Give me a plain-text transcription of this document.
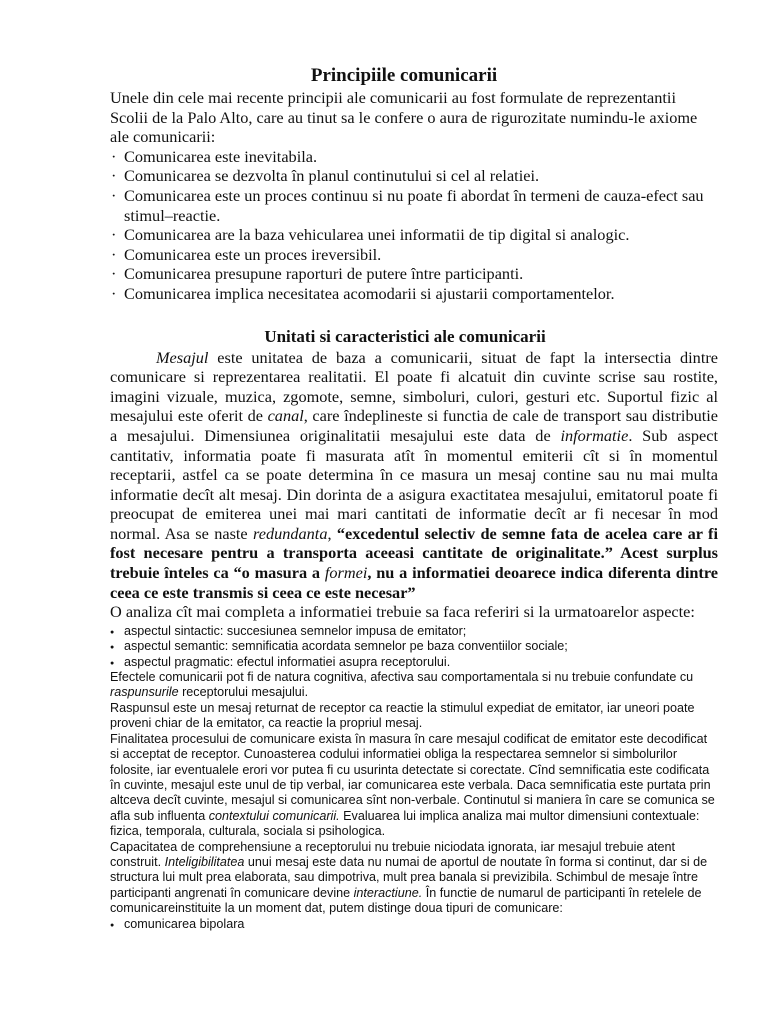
Principiile comunicarii

Unele din cele mai recente principii ale comunicarii au fost formulate de reprezentantii Scolii de la Palo Alto, care au tinut sa le confere o aura de rigurozitate numindu-le axiome ale comunicarii:

· Comunicarea este inevitabila.
· Comunicarea se dezvolta în planul continutului si cel al relatiei.
· Comunicarea este un proces continuu si nu poate fi abordat în termeni de cauza-efect sau stimul–reactie.
· Comunicarea are la baza vehicularea unei informatii de tip digital si analogic.
· Comunicarea este un proces ireversibil.
· Comunicarea presupune raporturi de putere între participanti.
· Comunicarea implica necesitatea acomodarii si ajustarii comportamentelor.
Unitati si caracteristici ale comunicarii

Mesajul este unitatea de baza a comunicarii, situat de fapt la intersectia dintre comunicare si reprezentarea realitatii. El poate fi alcatuit din cuvinte scrise sau rostite, imagini vizuale, muzica, zgomote, semne, simboluri, culori, gesturi etc. Suportul fizic al mesajului este oferit de canal, care îndeplineste si functia de cale de transport sau distributie a mesajului. Dimensiunea originalitatii mesajului este data de informatie. Sub aspect cantitativ, informatia poate fi masurata atît în momentul emiterii cît si în momentul receptarii, astfel ca se poate determina în ce masura un mesaj contine sau nu mai multa informatie decît alt mesaj. Din dorinta de a asigura exactitatea mesajului, emitatorul poate fi preocupat de emiterea unei mai mari cantitati de informatie decît ar fi necesar în mod normal. Asa se naste redundanta, “excedentul selectiv de semne fata de acelea care ar fi fost necesare pentru a transporta aceeasi cantitate de originalitate.” Acest surplus trebuie înteles ca “o masura a formei, nu a informatiei deoarece indica diferenta dintre ceea ce este transmis si ceea ce este necesar”

O analiza cît mai completa a informatiei trebuie sa faca referiri si la urmatoarelor aspecte:

● aspectul sintactic: succesiunea semnelor impusa de emitator;
● aspectul semantic: semnificatia acordata semnelor pe baza conventiilor sociale;
● aspectul pragmatic: efectul informatiei asupra receptorului.

Efectele comunicarii pot fi de natura cognitiva, afectiva sau comportamentala si nu trebuie confundate cu raspunsurile receptorului mesajului.

Raspunsul este un mesaj returnat de receptor ca reactie la stimulul expediat de emitator, iar uneori poate proveni chiar de la emitator, ca reactie la propriul mesaj.

Finalitatea procesului de comunicare exista în masura în care mesajul codificat de emitator este decodificat si acceptat de receptor. Cunoasterea codului informatiei obliga la respectarea semnelor si simbolurilor folosite, iar eventualele erori vor putea fi cu usurinta detectate si corectate. Cînd semnificatia este codificata în cuvinte, mesajul este unul de tip verbal, iar comunicarea este verbala. Daca semnificatia este purtata prin altceva decît cuvinte, mesajul si comunicarea sînt non-verbale. Continutul si maniera în care se comunica se afla sub influenta contextului comunicarii. Evaluarea lui implica analiza mai multor dimensiuni contextuale: fizica, temporala, culturala, sociala si psihologica.

Capacitatea de comprehensiune a receptorului nu trebuie niciodata ignorata, iar mesajul trebuie atent construit. Inteligibilitatea unui mesaj este data nu numai de aportul de noutate în forma si continut, dar si de structura lui mult prea elaborata, sau dimpotriva, mult prea banala si previzibila. Schimbul de mesaje între participanti angrenati în comunicare devine interactiune. În functie de numarul de participanti în retelele de comunicareinstituite la un moment dat, putem distinge doua tipuri de comunicare:

● comunicarea bipolara
